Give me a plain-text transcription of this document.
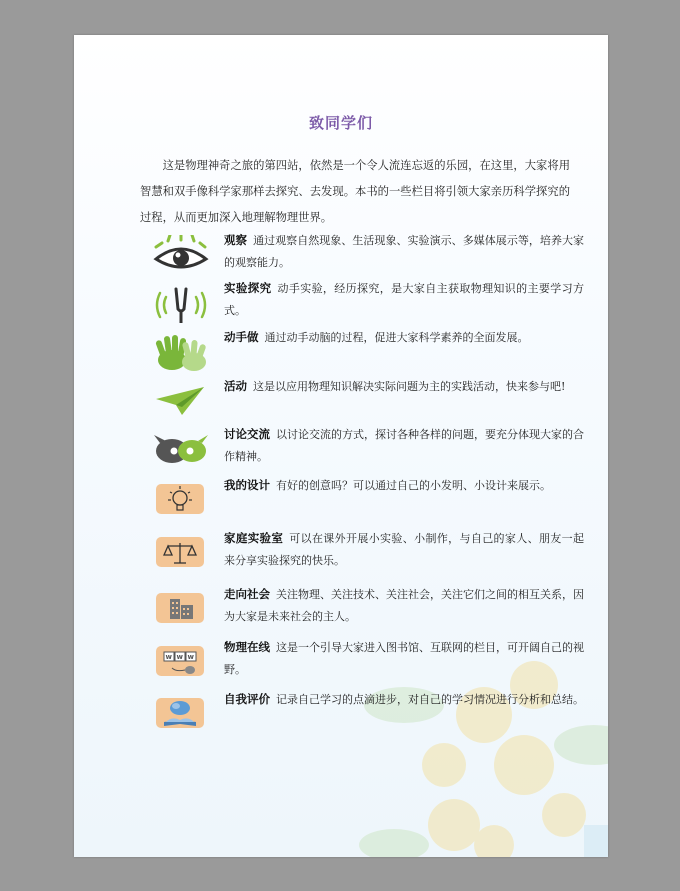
致同学们
这是物理神奇之旅的第四站，依然是一个令人流连忘返的乐园，在这里，大家将用智慧和双手像科学家那样去探究、去发现。本书的一些栏目将引领大家亲历科学探究的过程，从而更加深入地理解物理世界。
观察 通过观察自然现象、生活现象、实验演示、多媒体展示等，培养大家的观察能力。
实验探究 动手实验，经历探究，是大家自主获取物理知识的主要学习方式。
动手做 通过动手动脑的过程，促进大家科学素养的全面发展。
活动 这是以应用物理知识解决实际问题为主的实践活动，快来参与吧!
讨论交流 以讨论交流的方式，探讨各种各样的问题，要充分体现大家的合作精神。
我的设计 有好的创意吗？可以通过自己的小发明、小设计来展示。
家庭实验室 可以在课外开展小实验、小制作，与自己的家人、朋友一起来分享实验探究的快乐。
走向社会 关注物理、关注技术、关注社会，关注它们之间的相互关系，因为大家是未来社会的主人。
w w w
物理在线 这是一个引导大家进入图书馆、互联网的栏目，可开阔自己的视野。
自我评价 记录自己学习的点滴进步，对自己的学习情况进行分析和总结。
